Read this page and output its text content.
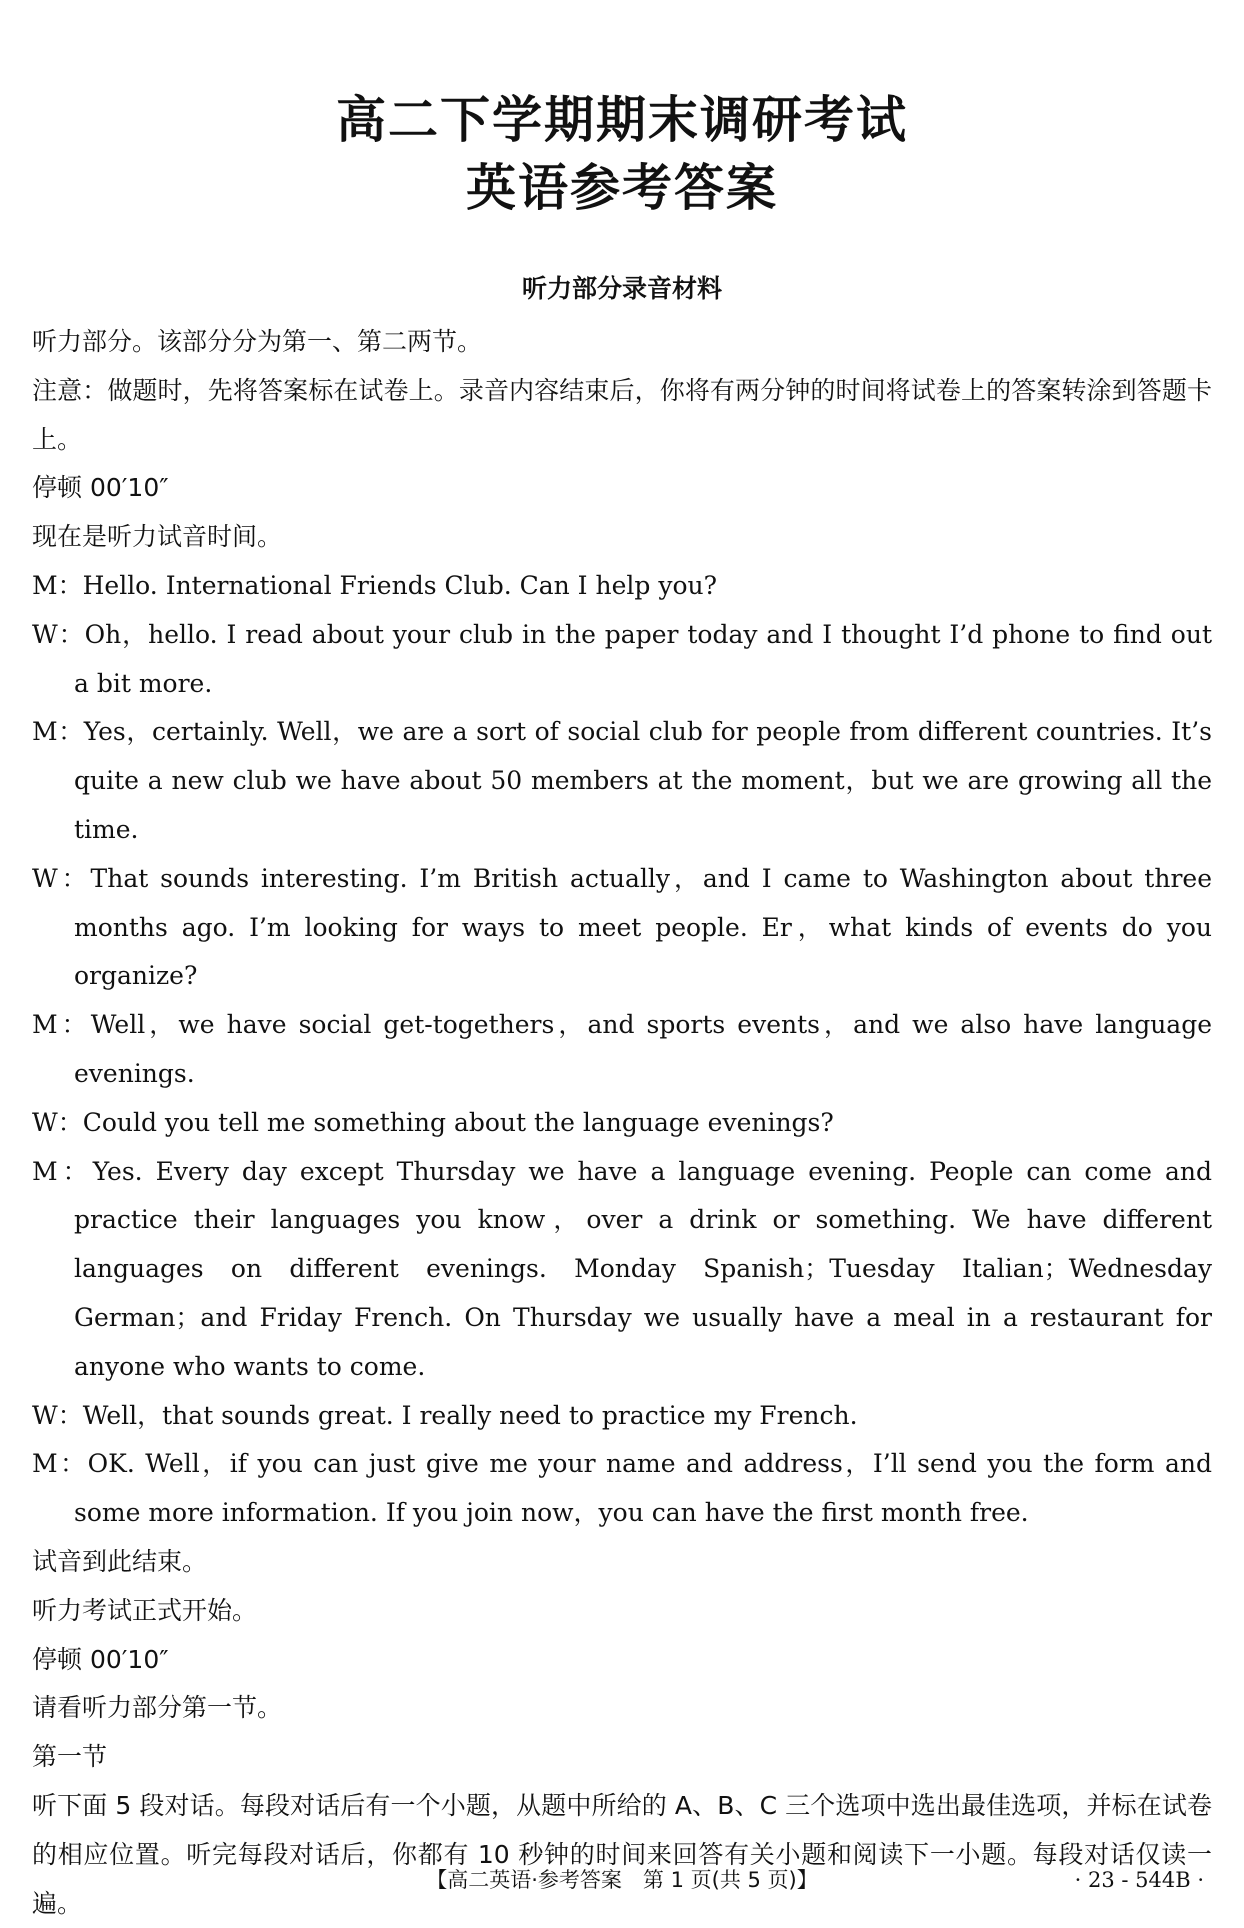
高二下学期期末调研考试
英语参考答案
听力部分录音材料
听力部分。该部分分为第一、第二两节。
注意：做题时，先将答案标在试卷上。录音内容结束后，你将有两分钟的时间将试卷上的答案转涂到答题卡上。
停顿 00′10″
现在是听力试音时间。
M：Hello. International Friends Club. Can I help you?
W：Oh，hello. I read about your club in the paper today and I thought I’d phone to find out a bit more.
M：Yes，certainly. Well，we are a sort of social club for people from different countries. It’s quite a new club we have about 50 members at the moment，but we are growing all the time.
W：That sounds interesting. I’m British actually，and I came to Washington about three months ago. I’m looking for ways to meet people. Er，what kinds of events do you organize?
M：Well，we have social get-togethers，and sports events，and we also have language evenings.
W：Could you tell me something about the language evenings?
M：Yes. Every day except Thursday we have a language evening. People can come and practice their languages you know，over a drink or something. We have different languages on different evenings. Monday Spanish；Tuesday Italian；Wednesday German；and Friday French. On Thursday we usually have a meal in a restaurant for anyone who wants to come.
W：Well，that sounds great. I really need to practice my French.
M：OK. Well，if you can just give me your name and address，I’ll send you the form and some more information. If you join now，you can have the first month free.
试音到此结束。
听力考试正式开始。
停顿 00′10″
请看听力部分第一节。
第一节
听下面 5 段对话。每段对话后有一个小题，从题中所给的 A、B、C 三个选项中选出最佳选项，并标在试卷的相应位置。听完每段对话后，你都有 10 秒钟的时间来回答有关小题和阅读下一小题。每段对话仅读一遍。
【高二英语·参考答案　第 1 页(共 5 页)】	· 23 - 544B ·
